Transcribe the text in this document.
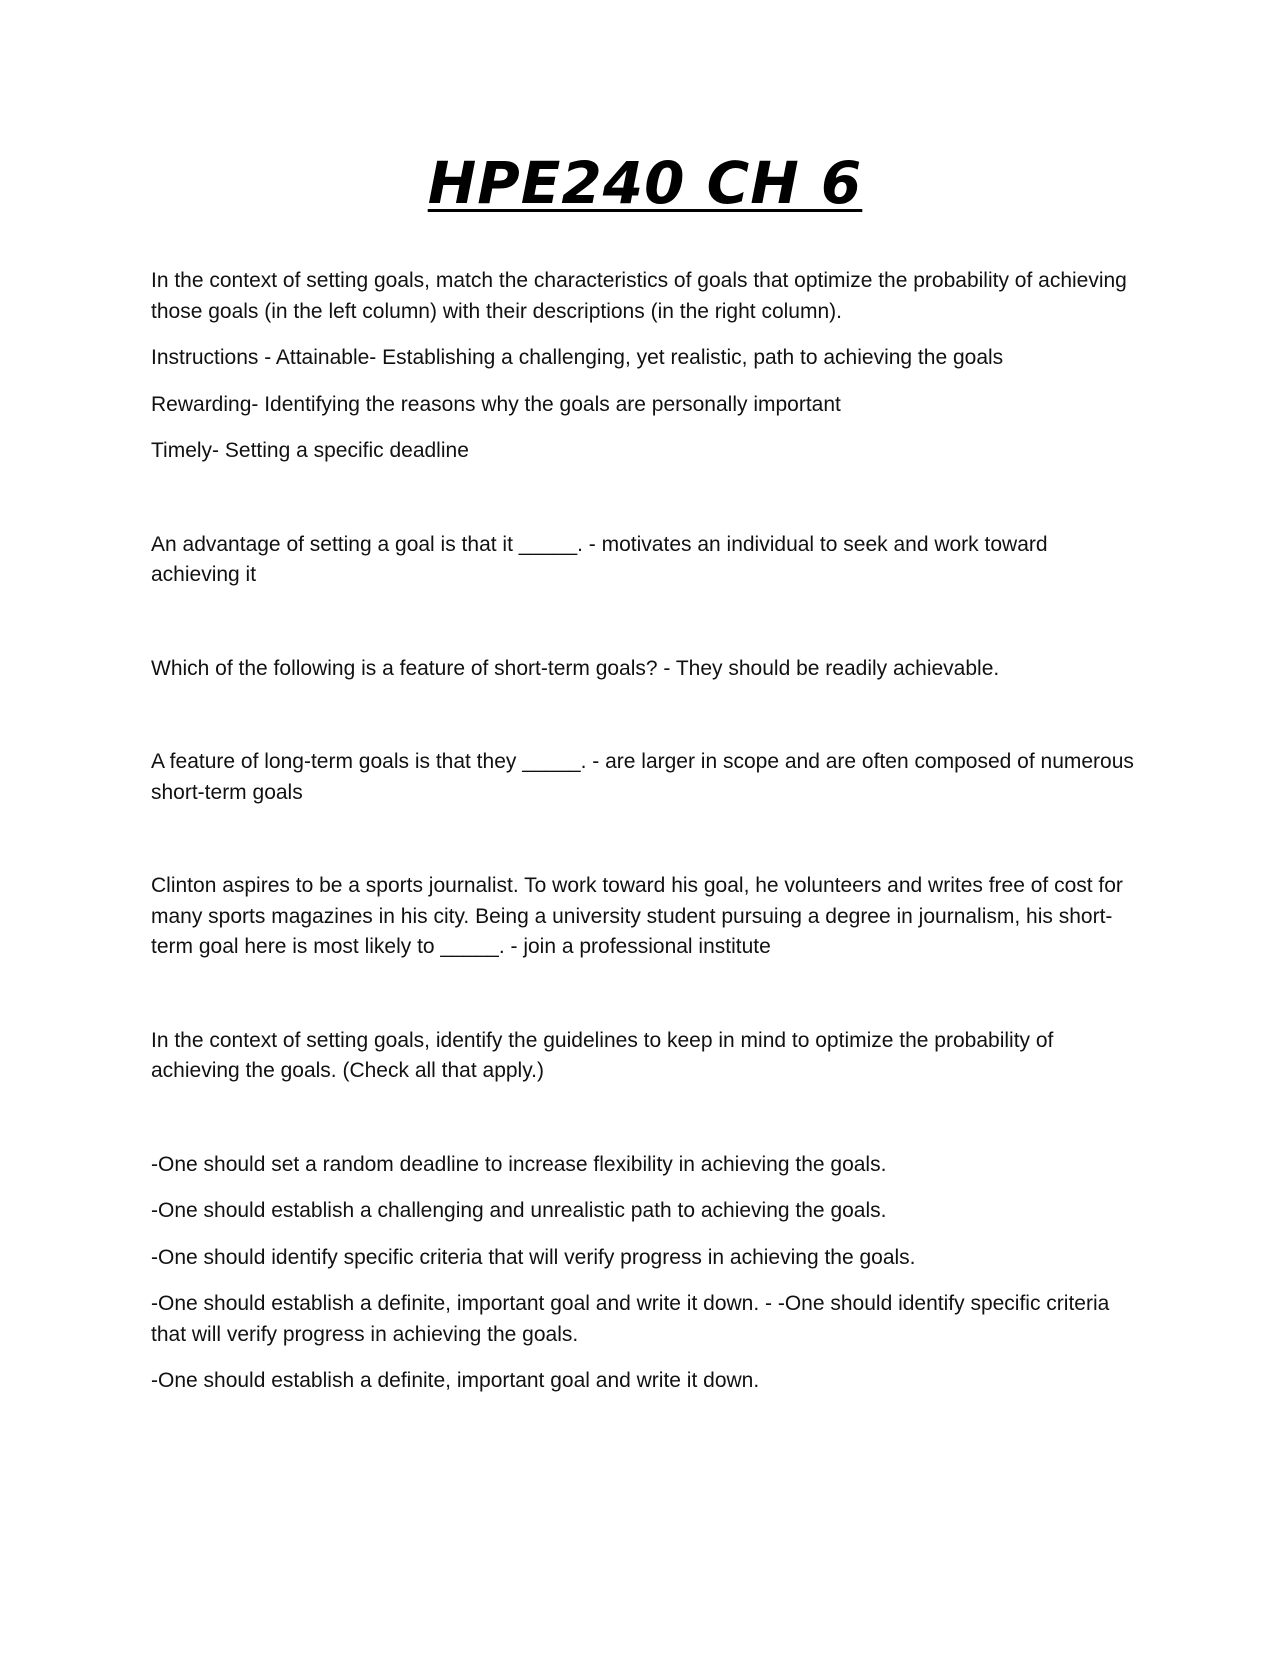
HPE240 CH 6

In the context of setting goals, match the characteristics of goals that optimize the probability of achieving those goals (in the left column) with their descriptions (in the right column).

Instructions - Attainable- Establishing a challenging, yet realistic, path to achieving the goals

Rewarding- Identifying the reasons why the goals are personally important

Timely- Setting a specific deadline

An advantage of setting a goal is that it _____. - motivates an individual to seek and work toward achieving it

Which of the following is a feature of short-term goals? - They should be readily achievable.

A feature of long-term goals is that they _____. - are larger in scope and are often composed of numerous short-term goals

Clinton aspires to be a sports journalist. To work toward his goal, he volunteers and writes free of cost for many sports magazines in his city. Being a university student pursuing a degree in journalism, his short-term goal here is most likely to _____. - join a professional institute

In the context of setting goals, identify the guidelines to keep in mind to optimize the probability of achieving the goals. (Check all that apply.)

-One should set a random deadline to increase flexibility in achieving the goals.

-One should establish a challenging and unrealistic path to achieving the goals.

-One should identify specific criteria that will verify progress in achieving the goals.

-One should establish a definite, important goal and write it down. - -One should identify specific criteria that will verify progress in achieving the goals.

-One should establish a definite, important goal and write it down.
